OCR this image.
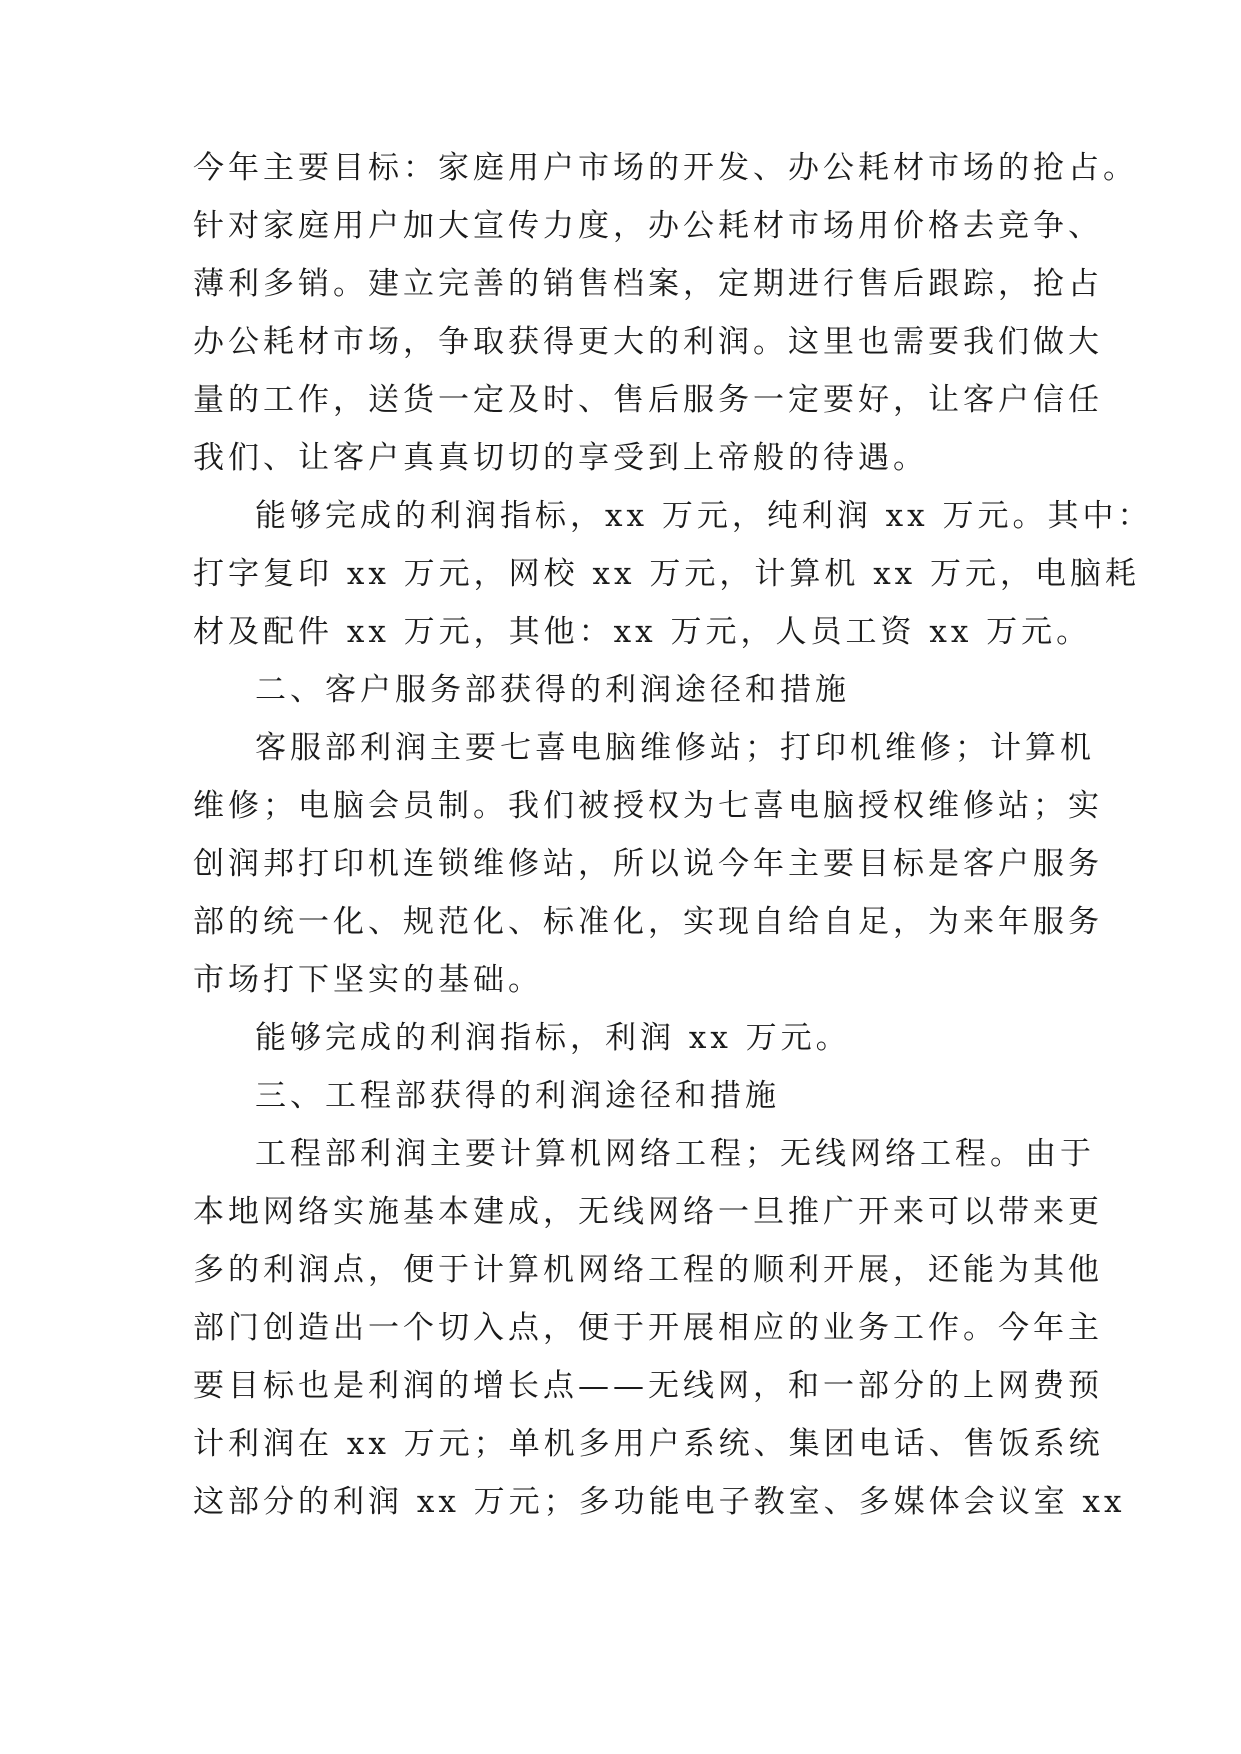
今年主要目标：家庭用户市场的开发、办公耗材市场的抢占。
针对家庭用户加大宣传力度，办公耗材市场用价格去竞争、
薄利多销。建立完善的销售档案，定期进行售后跟踪，抢占
办公耗材市场，争取获得更大的利润。这里也需要我们做大
量的工作，送货一定及时、售后服务一定要好，让客户信任
我们、让客户真真切切的享受到上帝般的待遇。
能够完成的利润指标，xx 万元，纯利润 xx 万元。其中：
打字复印 xx 万元，网校 xx 万元，计算机 xx 万元，电脑耗
材及配件 xx 万元，其他：xx 万元，人员工资 xx 万元。
二、客户服务部获得的利润途径和措施
客服部利润主要七喜电脑维修站；打印机维修；计算机
维修；电脑会员制。我们被授权为七喜电脑授权维修站；实
创润邦打印机连锁维修站，所以说今年主要目标是客户服务
部的统一化、规范化、标准化，实现自给自足，为来年服务
市场打下坚实的基础。
能够完成的利润指标，利润 xx 万元。
三、工程部获得的利润途径和措施
工程部利润主要计算机网络工程；无线网络工程。由于
本地网络实施基本建成，无线网络一旦推广开来可以带来更
多的利润点，便于计算机网络工程的顺利开展，还能为其他
部门创造出一个切入点，便于开展相应的业务工作。今年主
要目标也是利润的增长点——无线网，和一部分的上网费预
计利润在 xx 万元；单机多用户系统、集团电话、售饭系统
这部分的利润 xx 万元；多功能电子教室、多媒体会议室 xx
